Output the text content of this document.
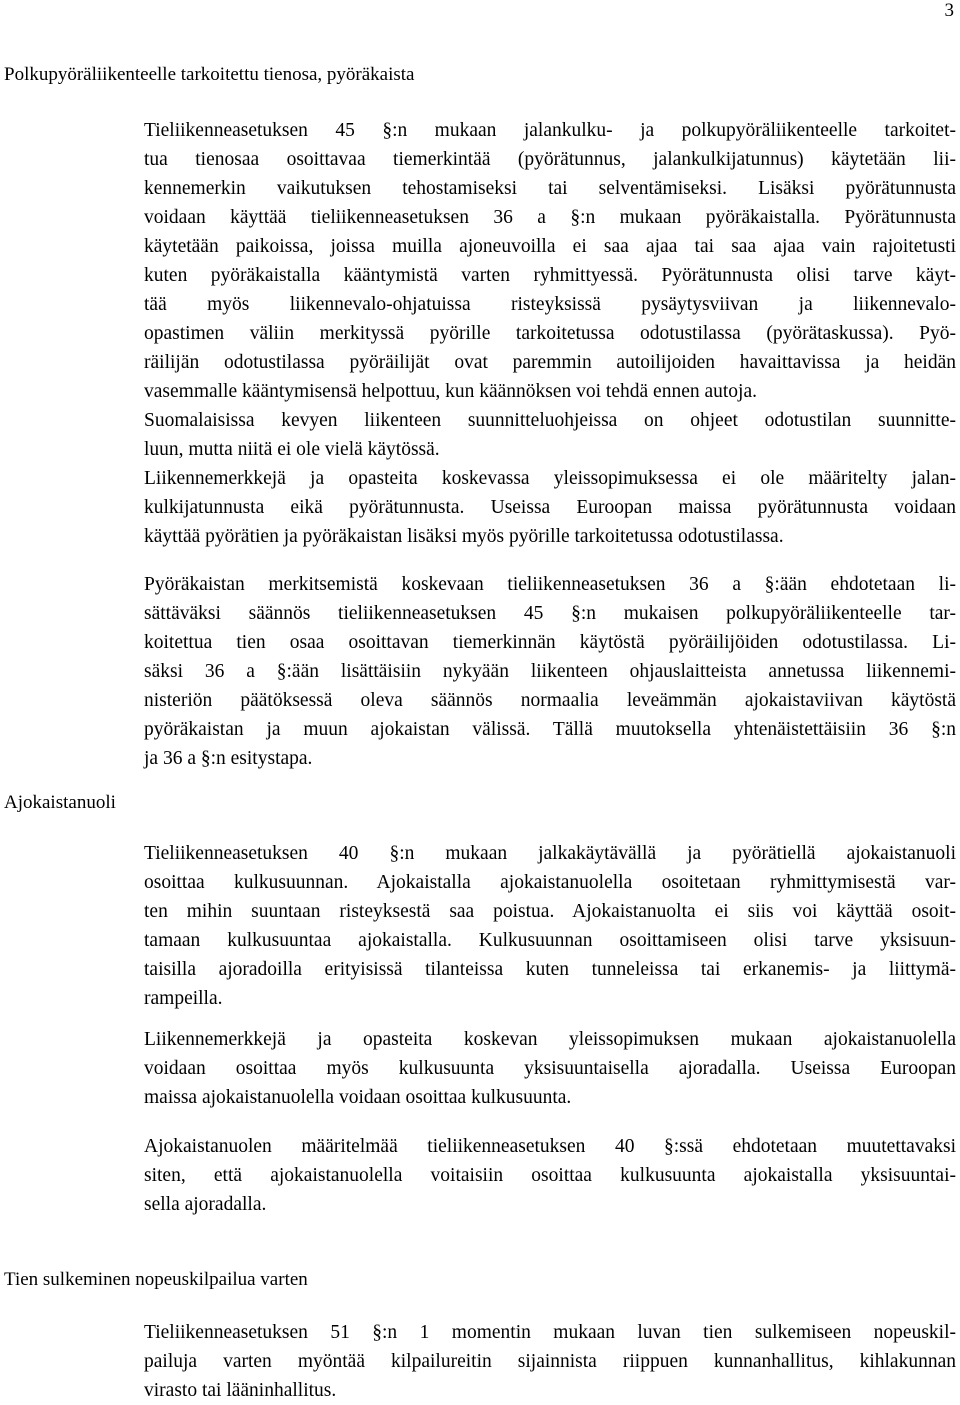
3
Polkupyöräliikenteelle tarkoitettu tienosa, pyöräkaista
Tieliikenneasetuksen 45 §:n mukaan jalankulku- ja polkupyöräliikenteelle tarkoitet-
tua tienosaa osoittavaa tiemerkintää (pyörätunnus, jalankulkijatunnus) käytetään lii-
kennemerkin vaikutuksen tehostamiseksi tai selventämiseksi. Lisäksi pyörätunnusta
voidaan käyttää tieliikenneasetuksen 36 a §:n mukaan pyöräkaistalla. Pyörätunnusta
käytetään paikoissa, joissa muilla ajoneuvoilla ei saa ajaa tai saa ajaa vain rajoitetusti
kuten pyöräkaistalla kääntymistä varten ryhmittyessä. Pyörätunnusta olisi tarve käyt-
tää myös liikennevalo-ohjatuissa risteyksissä pysäytysviivan ja liikennevalo-
opastimen väliin merkityssä pyörille tarkoitetussa odotustilassa (pyörätaskussa). Pyö-
räilijän odotustilassa pyöräilijät ovat paremmin autoilijoiden havaittavissa ja heidän
vasemmalle kääntymisensä helpottuu, kun käännöksen voi tehdä ennen autoja.
Suomalaisissa kevyen liikenteen suunnitteluohjeissa on ohjeet odotustilan suunnitte-
luun, mutta niitä ei ole vielä käytössä.
Liikennemerkkejä ja opasteita koskevassa yleissopimuksessa ei ole määritelty jalan-
kulkijatunnusta eikä pyörätunnusta. Useissa Euroopan maissa pyörätunnusta voidaan
käyttää pyörätien ja pyöräkaistan lisäksi myös pyörille tarkoitetussa odotustilassa.
Pyöräkaistan merkitsemistä koskevaan tieliikenneasetuksen 36 a §:ään ehdotetaan li-
sättäväksi säännös tieliikenneasetuksen 45 §:n mukaisen polkupyöräliikenteelle tar-
koitettua tien osaa osoittavan tiemerkinnän käytöstä pyöräilijöiden odotustilassa. Li-
säksi 36 a §:ään lisättäisiin nykyään liikenteen ohjauslaitteista annetussa liikennemi-
nisteriön päätöksessä oleva säännös normaalia leveämmän ajokaistaviivan käytöstä
pyöräkaistan ja muun ajokaistan välissä. Tällä muutoksella yhtenäistettäisiin 36 §:n
ja 36 a §:n esitystapa.
Ajokaistanuoli
Tieliikenneasetuksen 40 §:n mukaan jalkakäytävällä ja pyörätiellä ajokaistanuoli
osoittaa kulkusuunnan. Ajokaistalla ajokaistanuolella osoitetaan ryhmittymisestä var-
ten mihin suuntaan risteyksestä saa poistua. Ajokaistanuolta ei siis voi käyttää osoit-
tamaan kulkusuuntaa ajokaistalla. Kulkusuunnan osoittamiseen olisi tarve yksisuun-
taisilla ajoradoilla erityisissä tilanteissa kuten tunneleissa tai erkanemis- ja liittymä-
rampeilla.
Liikennemerkkejä ja opasteita koskevan yleissopimuksen mukaan ajokaistanuolella
voidaan osoittaa myös kulkusuunta yksisuuntaisella ajoradalla. Useissa Euroopan
maissa ajokaistanuolella voidaan osoittaa kulkusuunta.
Ajokaistanuolen määritelmää tieliikenneasetuksen 40 §:ssä ehdotetaan muutettavaksi
siten, että ajokaistanuolella voitaisiin osoittaa kulkusuunta ajokaistalla yksisuuntai-
sella ajoradalla.
Tien sulkeminen nopeuskilpailua varten
Tieliikenneasetuksen 51 §:n 1 momentin mukaan luvan tien sulkemiseen nopeuskil-
pailuja varten myöntää kilpailureitin sijainnista riippuen kunnanhallitus, kihlakunnan
virasto tai lääninhallitus.
